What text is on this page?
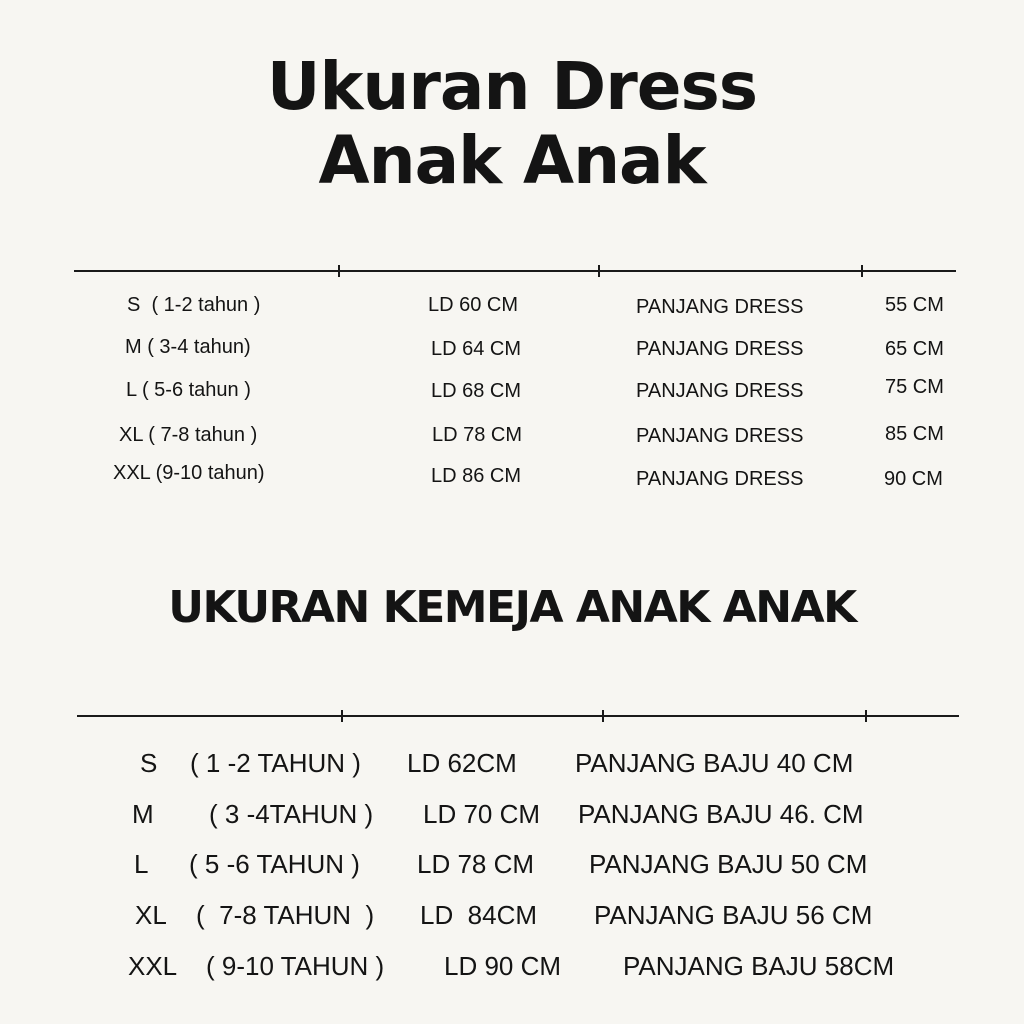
Ukuran Dress
Anak Anak
S  ( 1-2 tahun )	LD 60 CM	PANJANG DRESS	55 CM
M ( 3-4 tahun)	LD 64 CM	PANJANG DRESS	65 CM
L ( 5-6 tahun )	LD 68 CM	PANJANG DRESS	75 CM
XL ( 7-8 tahun )	LD 78 CM	PANJANG DRESS	85 CM
XXL (9-10 tahun)	LD 86 CM	PANJANG DRESS	90 CM
UKURAN KEMEJA ANAK ANAK
S ( 1 -2 TAHUN ) LD 62CM PANJANG BAJU 40 CM
M ( 3 -4TAHUN ) LD 70 CM PANJANG BAJU 46. CM
L ( 5 -6 TAHUN ) LD 78 CM PANJANG BAJU 50 CM
XL (  7-8 TAHUN  ) LD  84CM PANJANG BAJU 56 CM
XXL ( 9-10 TAHUN ) LD 90 CM PANJANG BAJU 58CM
